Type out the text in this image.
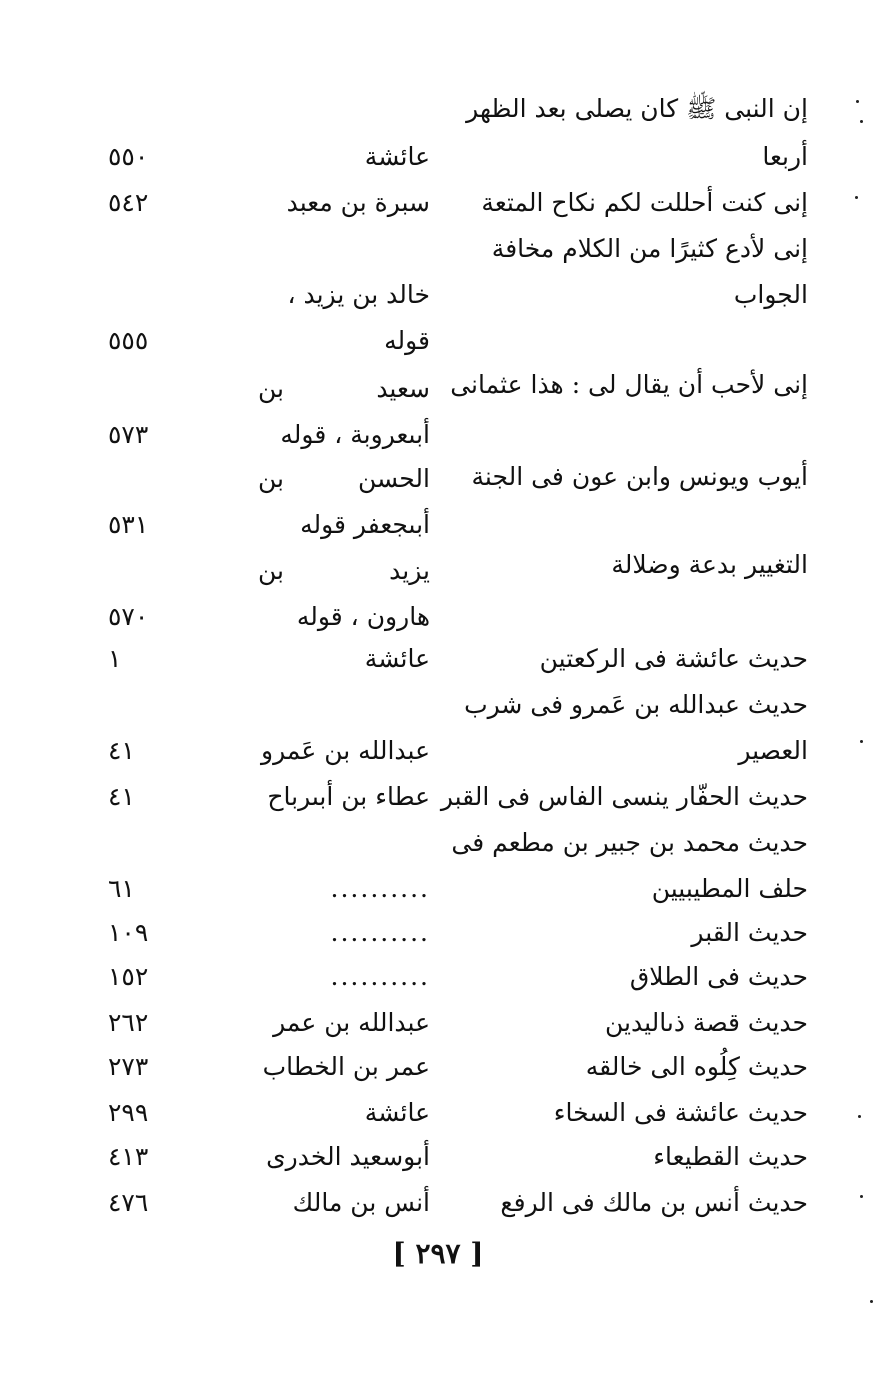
إن النبى ﷺ كان يصلى بعد الظهر
أربعا
عائشة
٥٥٠
إنى كنت أحللت لكم نكاح المتعة
سبرة بن معبد
٥٤٢
إنى لأدع كثيرًا من الكلام مخافة
الجواب
خالد بن يزيد ،
قوله
٥٥٥
إنى لأحب أن يقال لى : هذا عثمانى
سعيد
بن
أبىعروبة ، قوله
٥٧٣
أيوب ويونس وابن عون فى الجنة
الحسن
بن
أبىجعفر قوله
٥٣١
التغيير بدعة وضلالة
يزيد
بن
هارون ، قوله
٥٧٠
حديث عائشة فى الركعتين
عائشة
١
حديث عبدالله بن عَمرو فى شرب
العصير
عبدالله بن عَمرو
٤١
حديث الحفّار ينسى الفاس فى القبر
عطاء بن أبىرباح
٤١
حديث محمد بن جبير بن مطعم فى
حلف المطيبيين
..........
٦١
حديث القبر
..........
١٠٩
حديث فى الطلاق
..........
١٥٢
حديث قصة ذىاليدين
عبدالله بن عمر
٢٦٢
حديث كِلُوه الى خالقه
عمر بن الخطاب
٢٧٣
حديث عائشة فى السخاء
عائشة
٢٩٩
حديث القطيعاء
أبوسعيد الخدرى
٤١٣
حديث أنس بن مالك فى الرفع
أنس بن مالك
٤٧٦
[ ٢٩٧ ]
